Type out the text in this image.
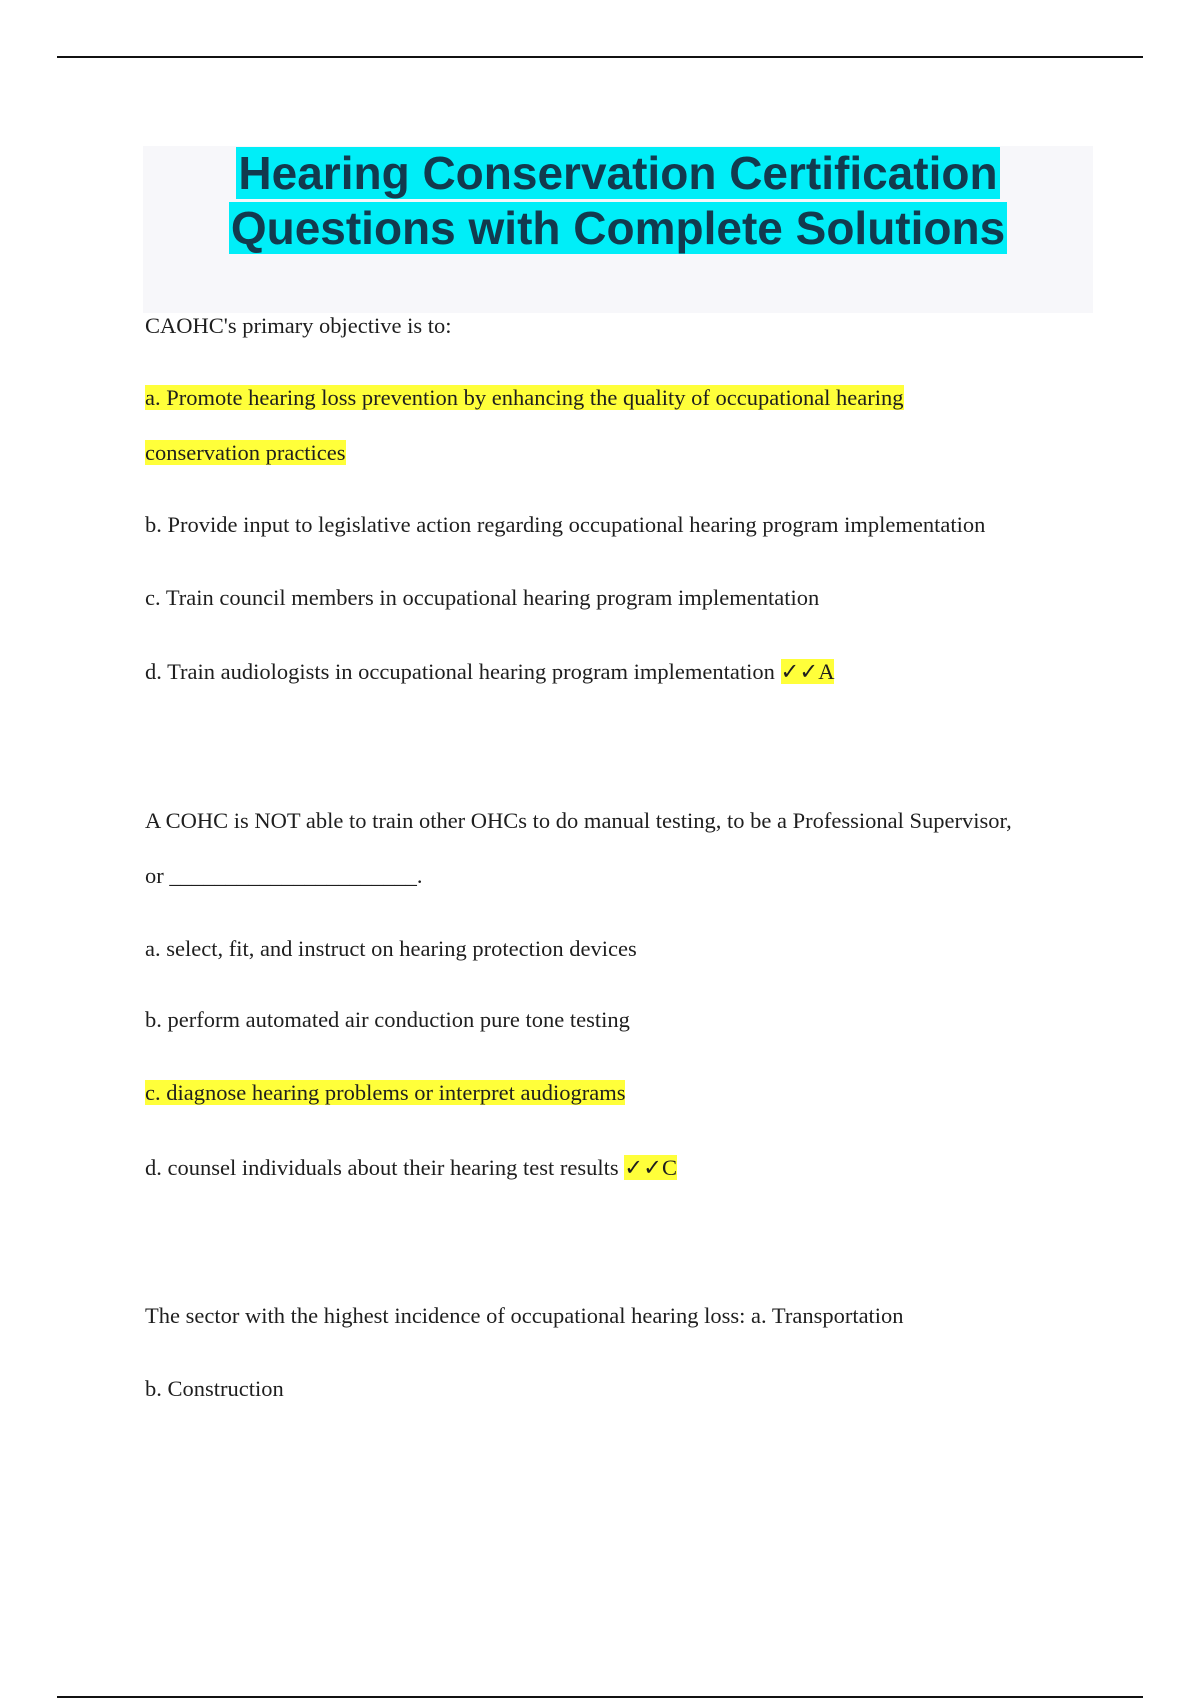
Hearing Conservation Certification
Questions with Complete Solutions
CAOHC's primary objective is to:
a. Promote hearing loss prevention by enhancing the quality of occupational hearing
conservation practices
b. Provide input to legislative action regarding occupational hearing program implementation
c. Train council members in occupational hearing program implementation
d. Train audiologists in occupational hearing program implementation ✓✓A
A COHC is NOT able to train other OHCs to do manual testing, to be a Professional Supervisor,
or ______________________.
a. select, fit, and instruct on hearing protection devices
b. perform automated air conduction pure tone testing
c. diagnose hearing problems or interpret audiograms
d. counsel individuals about their hearing test results ✓✓C
The sector with the highest incidence of occupational hearing loss: a. Transportation
b. Construction
